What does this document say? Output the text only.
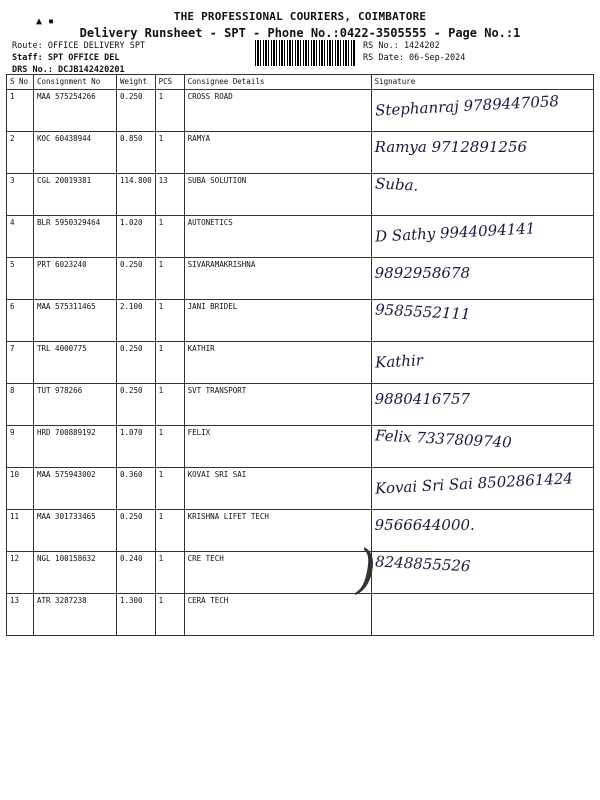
▲ ▪	THE PROFESSIONAL COURIERS, COIMBATORE
Delivery Runsheet - SPT - Phone No.:0422-3505555 - Page No.:1
Route: OFFICE DELIVERY SPT
Staff: SPT OFFICE DEL
DRS No.: DCJB142420201
RS No.: 1424202
RS Date: 06-Sep-2024
S No	Consignment No	Weight	PCS	Consignee Details	Signature
1	MAA 575254266	0.250	1	CROSS ROAD	Stephanraj 9789447058

2	KOC 60438944	0.850	1	RAMYA	Ramya 9712891256

3	CGL 20019381	114.800	13	SUBA SOLUTION	Suba.

4	BLR 5950329464	1.020	1	AUTONETICS	D Sathy 9944094141

5	PRT 6023240	0.250	1	SIVARAMAKRISHNA	9892958678

6	MAA 575311465	2.100	1	JANI BRIDEL	9585552111

7	TRL 4000775	0.250	1	KATHIR	Kathir

8	TUT 978266	0.250	1	SVT TRANSPORT	9880416757

9	HRD 700889192	1.070	1	FELIX	Felix 7337809740

10	MAA 575943002	0.360	1	KOVAI SRI SAI	Kovai Sri Sai 8502861424

11	MAA 301733465	0.250	1	KRISHNA LIFET TECH	9566644000.

12	NGL 100158632	0.240	1	CRE TECH	8248855526

13	ATR 3287238	1.300	1	CERA TECH	
)
